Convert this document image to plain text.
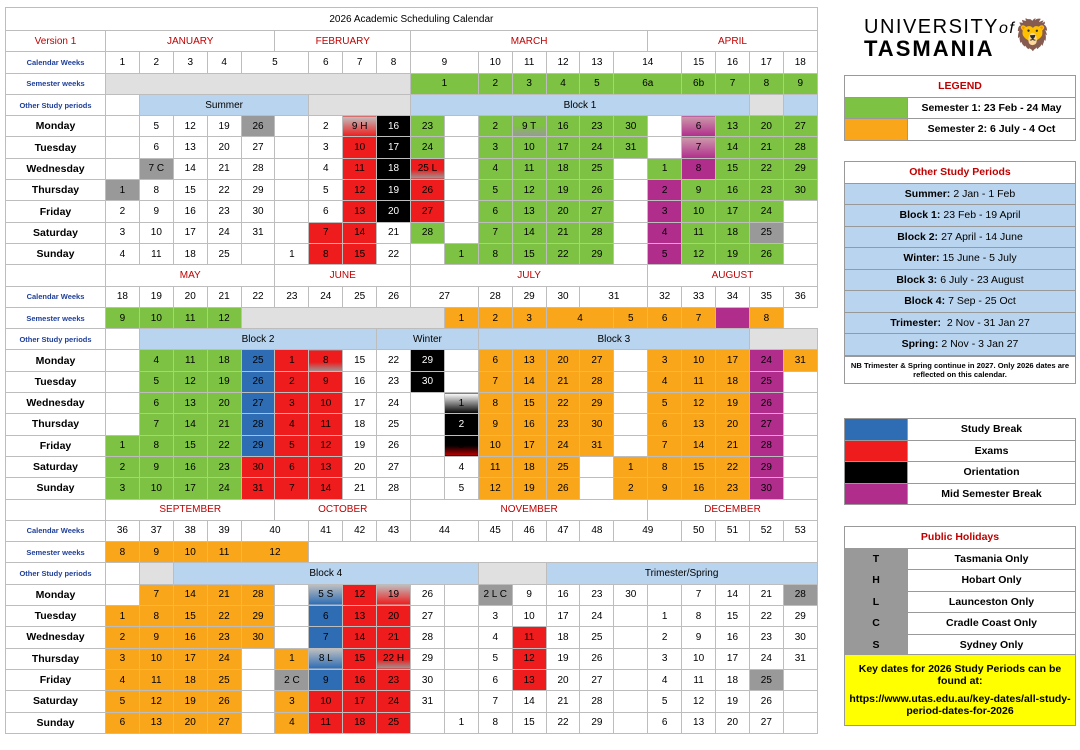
2026 Academic Scheduling Calendar																					
Version 1	JANUARY					FEBRUARY				MARCH							APRIL				
Calendar Weeks	1	2	3	4	5		6	7	8	9		10	11	12	13	14		15	16	17	18
Semester weeks										1		2	3	4	5	6a		6b	7	8	9
Other Study periods		Summer								Block 1											
Monday		5	12	19	26		2	9 H	16	23		2	9 T	16	23	30		6	13	20	27
Tuesday		6	13	20	27		3	10	17	24		3	10	17	24	31		7	14	21	28
Wednesday		7 C	14	21	28		4	11	18	25 L		4	11	18	25		1	8	15	22	29
Thursday	1	8	15	22	29		5	12	19	26		5	12	19	26		2	9	16	23	30
Friday	2	9	16	23	30		6	13	20	27		6	13	20	27		3	10	17	24	
Saturday	3	10	17	24	31		7	14	21	28		7	14	21	28		4	11	18	25	
Sunday	4	11	18	25		1	8	15	22		1	8	15	22	29		5	12	19	26	
	MAY					JUNE				JULY							AUGUST				
Calendar Weeks	18	19	20	21	22	23	24	25	26	27		28	29	30	31		32	33	34	35	36
Semester weeks	9	10	11	12							1	2	3	4		5	6	7		8	
Other Study periods		Block 2							Winter			Block 3									
Monday		4	11	18	25	1	8	15	22	29		6	13	20	27		3	10	17	24	31
Tuesday		5	12	19	26	2	9	16	23	30		7	14	21	28		4	11	18	25	
Wednesday		6	13	20	27	3	10	17	24		1	8	15	22	29		5	12	19	26	
Thursday		7	14	21	28	4	11	18	25		2	9	16	23	30		6	13	20	27	
Friday	1	8	15	22	29	5	12	19	26		3	10	17	24	31		7	14	21	28	
Saturday	2	9	16	23	30	6	13	20	27		4	11	18	25		1	8	15	22	29	
Sunday	3	10	17	24	31	7	14	21	28		5	12	19	26		2	9	16	23	30	
	SEPTEMBER					OCTOBER				NOVEMBER							DECEMBER				
Calendar Weeks	36	37	38	39	40		41	42	43	44		45	46	47	48	49		50	51	52	53
Semester weeks	8	9	10	11	12																
Other Study periods			Block 4											Trimester/Spring							
Monday		7	14	21	28		5 S	12	19	26		2 L C	9	16	23	30		7	14	21	28
Tuesday	1	8	15	22	29		6	13	20	27		3	10	17	24		1	8	15	22	29
Wednesday	2	9	16	23	30		7	14	21	28		4	11	18	25		2	9	16	23	30
Thursday	3	10	17	24		1	8 L	15	22 H	29		5	12	19	26		3	10	17	24	31
Friday	4	11	18	25		2 C	9	16	23	30		6	13	20	27		4	11	18	25	
Saturday	5	12	19	26		3	10	17	24	31		7	14	21	28		5	12	19	26	
Sunday	6	13	20	27		4	11	18	25		1	8	15	22	29		6	13	20	27	
UNIVERSITYof
TASMANIA 🦁
LEGEND	
	Semester 1: 23 Feb - 24 May
	Semester 2: 6 July - 4 Oct
Other Study Periods
Summer: 2 Jan - 1 Feb
Block 1: 23 Feb - 19 April
Block 2: 27 April - 14 June
Winter: 15 June - 5 July
Block 3: 6 July - 23 August
Block 4: 7 Sep - 25 Oct
Trimester: 2 Nov - 31 Jan 27
Spring: 2 Nov - 3 Jan 27
NB Trimester & Spring continue in 2027. Only 2026 dates are reflected on this calendar.
	Study Break
	Exams
	Orientation
	Mid Semester Break
Public Holidays	
T	Tasmania Only
H	Hobart Only
L	Launceston Only
C	Cradle Coast Only
S	Sydney Only
Key dates for 2026 Study Periods can be found at:
https://www.utas.edu.au/key-dates/all-study-period-dates-for-2026
